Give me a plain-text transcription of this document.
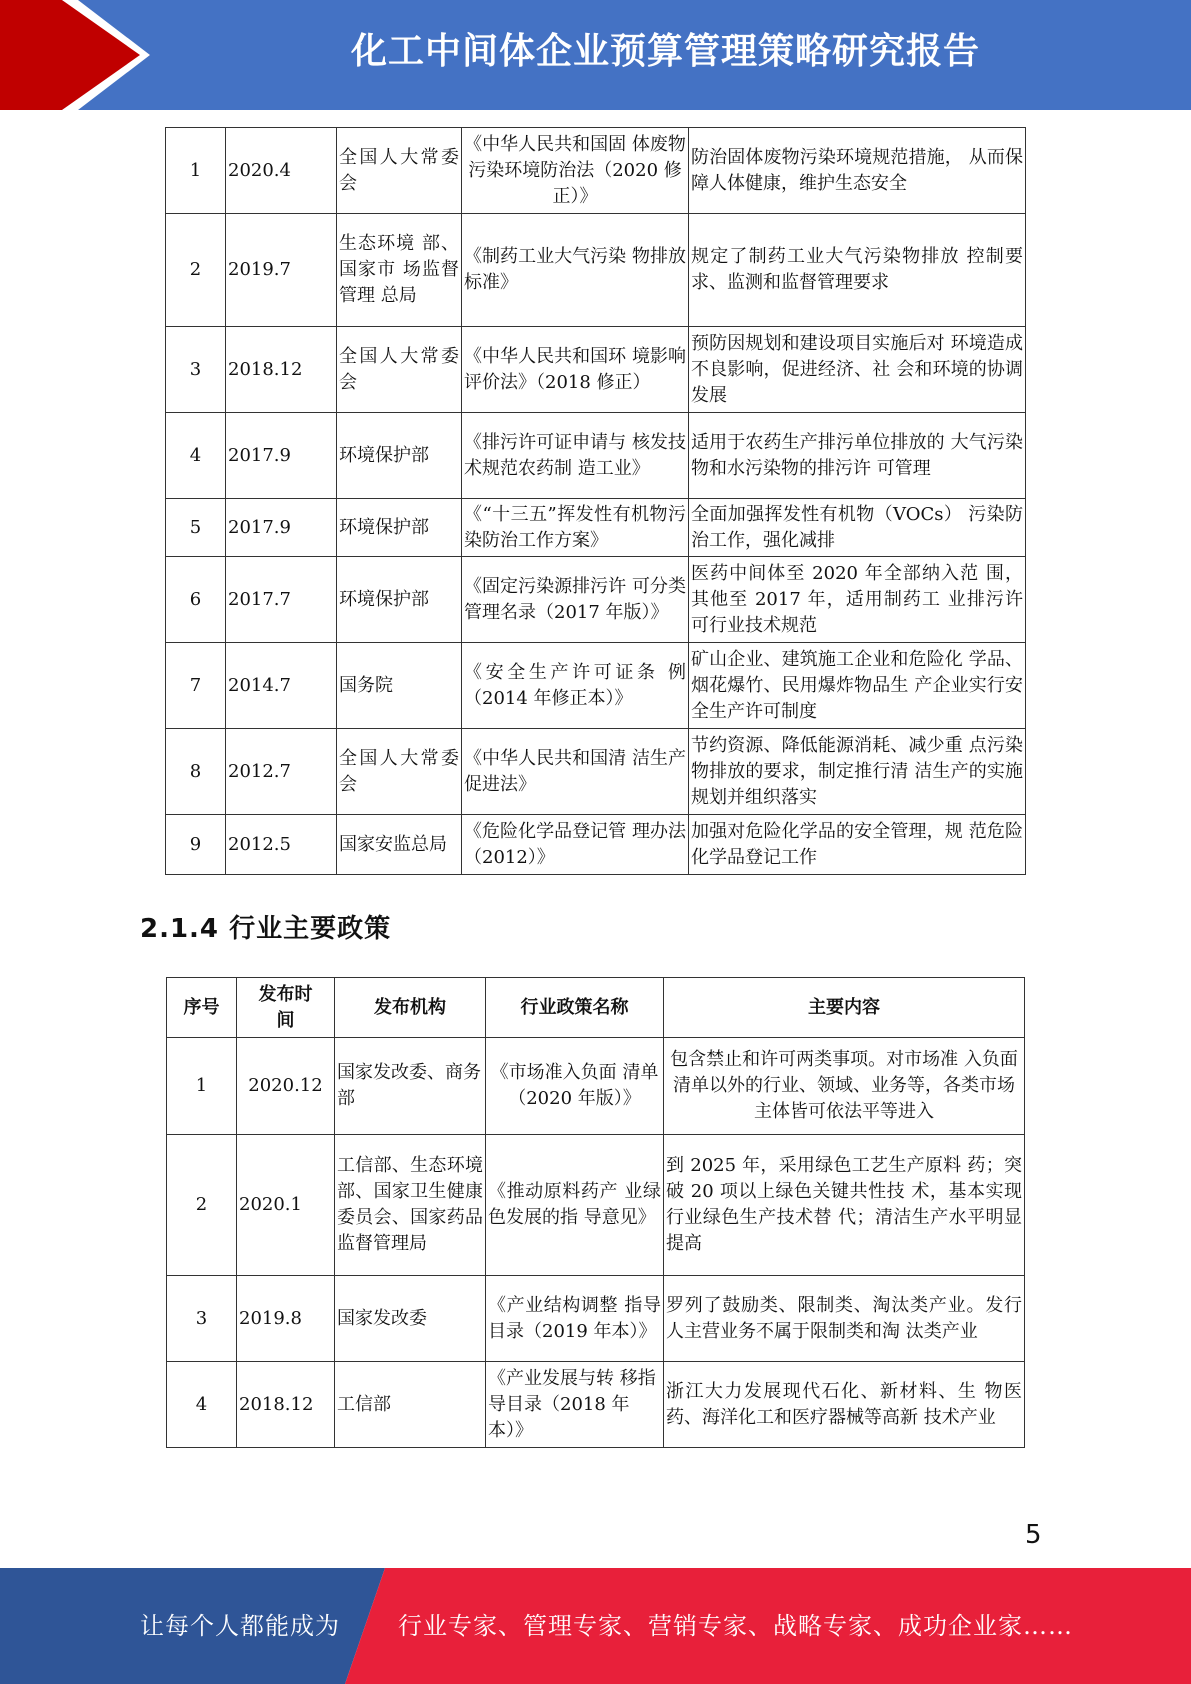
化工中间体企业预算管理策略研究报告
1	2020.4	全国人大常委会	《中华人民共和国固 体废物污染环境防治法（2020 修正）》	防治固体废物污染环境规范措施， 从而保障人体健康，维护生态安全
2	2019.7	生态环境 部、国家市 场监督管理 总局	《制药工业大气污染 物排放标准》	规定了制药工业大气污染物排放 控制要求、监测和监督管理要求
3	2018.12	全国人大常委会	《中华人民共和国环 境影响评价法》（2018 修正）	预防因规划和建设项目实施后对 环境造成不良影响，促进经济、社 会和环境的协调发展
4	2017.9	环境保护部	《排污许可证申请与 核发技术规范农药制 造工业》	适用于农药生产排污单位排放的 大气污染物和水污染物的排污许 可管理
5	2017.9	环境保护部	《“十三五”挥发性有机物污染防治工作方案》	全面加强挥发性有机物（VOCs） 污染防治工作，强化减排
6	2017.7	环境保护部	《固定污染源排污许 可分类管理名录（2017 年版）》	医药中间体至 2020 年全部纳入范 围，其他至 2017 年，适用制药工 业排污许可行业技术规范
7	2014.7	国务院	《安全生产许可证条 例（2014 年修正本）》	矿山企业、建筑施工企业和危险化 学品、烟花爆竹、民用爆炸物品生 产企业实行安全生产许可制度
8	2012.7	全国人大常委会	《中华人民共和国清 洁生产促进法》	节约资源、降低能源消耗、减少重 点污染物排放的要求，制定推行清 洁生产的实施规划并组织落实
9	2012.5	国家安监总局	《危险化学品登记管 理办法（2012）》	加强对危险化学品的安全管理，规 范危险化学品登记工作
2.1.4 行业主要政策
序号	发布时间	发布机构	行业政策名称	主要内容
1	2020.12	国家发改委、商务部	《市场准入负面 清单（2020 年版）》	包含禁止和许可两类事项。对市场准 入负面清单以外的行业、领域、业务等，各类市场主体皆可依法平等进入
2	2020.1	工信部、生态环境部、国家卫生健康委员会、国家药品监督管理局	《推动原料药产 业绿色发展的指 导意见》	到 2025 年，采用绿色工艺生产原料 药；突破 20 项以上绿色关键共性技 术，基本实现行业绿色生产技术替 代；清洁生产水平明显提高
3	2019.8	国家发改委	《产业结构调整 指导目录（2019 年本）》	罗列了鼓励类、限制类、淘汰类产业。发行人主营业务不属于限制类和淘 汰类产业
4	2018.12	工信部	《产业发展与转 移指导目录（2018 年本）》	浙江大力发展现代石化、新材料、生 物医药、海洋化工和医疗器械等高新 技术产业
5
让每个人都能成为 行业专家、管理专家、营销专家、战略专家、成功企业家……
